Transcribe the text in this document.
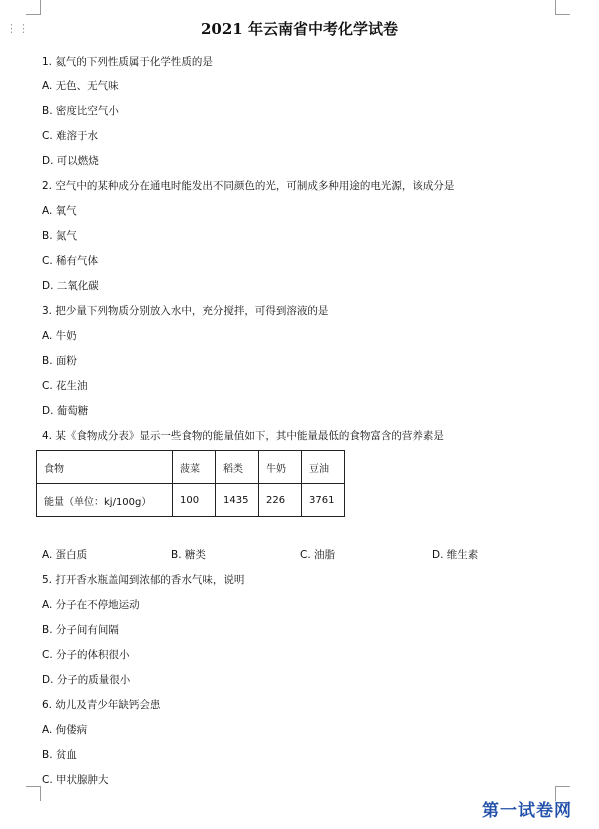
⋮⋮	2021 年云南省中考化学试卷
1. 氦气的下列性质属于化学性质的是
A. 无色、无气味
B. 密度比空气小
C. 难溶于水
D. 可以燃烧
2. 空气中的某种成分在通电时能发出不同颜色的光，可制成多种用途的电光源，该成分是
A. 氧气
B. 氮气
C. 稀有气体
D. 二氧化碳
3. 把少量下列物质分别放入水中，充分搅拌，可得到溶液的是
A. 牛奶
B. 面粉
C. 花生油
D. 葡萄糖
4. 某《食物成分表》显示一些食物的能量值如下，其中能量最低的食物富含的营养素是
食物	菠菜	稻类	牛奶	豆油
能量（单位：kj/100g）	100	1435	226	3761
A. 蛋白质	B. 糖类	C. 油脂	D. 维生素
5. 打开香水瓶盖闻到浓郁的香水气味，说明
A. 分子在不停地运动
B. 分子间有间隔
C. 分子的体积很小
D. 分子的质量很小
6. 幼儿及青少年缺钙会患
A. 佝偻病
B. 贫血
C. 甲状腺肿大
第一试卷网
